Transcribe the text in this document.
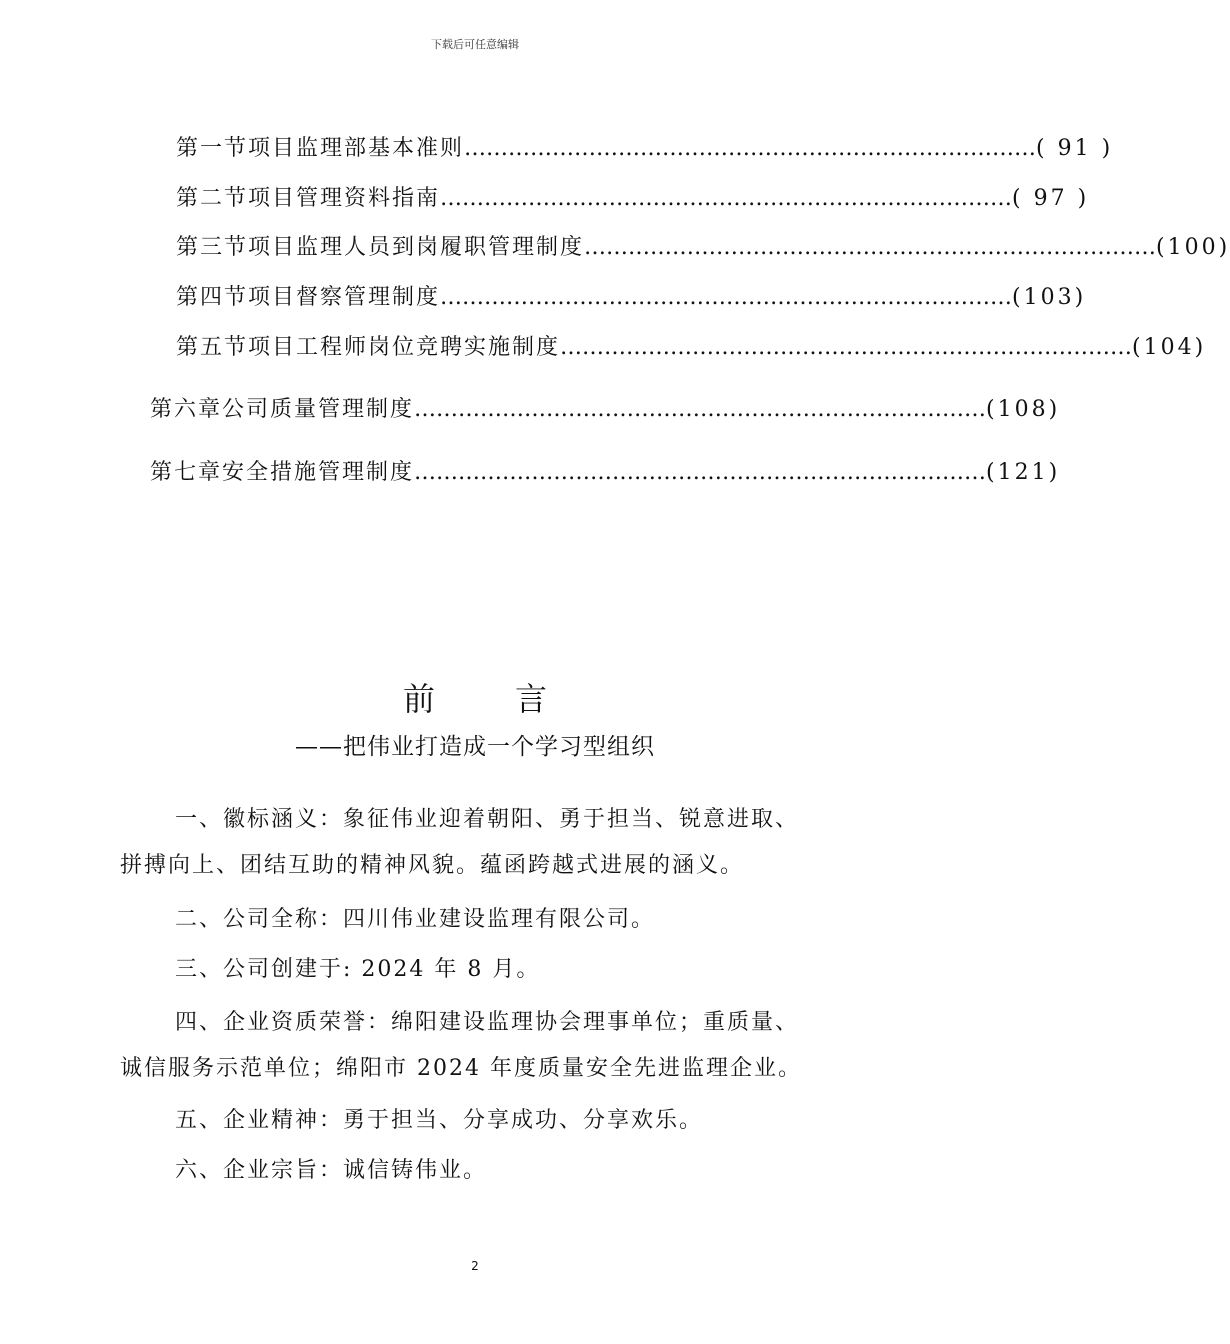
下载后可任意编辑
第一节 项目监理部基本准则 …………………………………………………………………… ( 91 )
第二节 项目管理资料指南 …………………………………………………………………… ( 97 )
第三节 项目监理人员到岗履职管理制度 …………………………………………………………………… (100)
第四节 项目督察管理制度 …………………………………………………………………… (103)
第五节 项目工程师岗位竞聘实施制度 …………………………………………………………………… (104)
第六章 公司质量管理制度 …………………………………………………………………… (108)
第七章 安全措施管理制度 …………………………………………………………………… (121)
前言
——把伟业打造成一个学习型组织
一、徽标涵义：象征伟业迎着朝阳、勇于担当、锐意进取、
拼搏向上、团结互助的精神风貌。蕴函跨越式进展的涵义。
二、公司全称：四川伟业建设监理有限公司。
三、公司创建于: 2024 年 8 月。
四、企业资质荣誉：绵阳建设监理协会理事单位；重质量、
诚信服务示范单位；绵阳市 2024 年度质量安全先进监理企业。
五、企业精神：勇于担当、分享成功、分享欢乐。
六、企业宗旨：诚信铸伟业。
2
